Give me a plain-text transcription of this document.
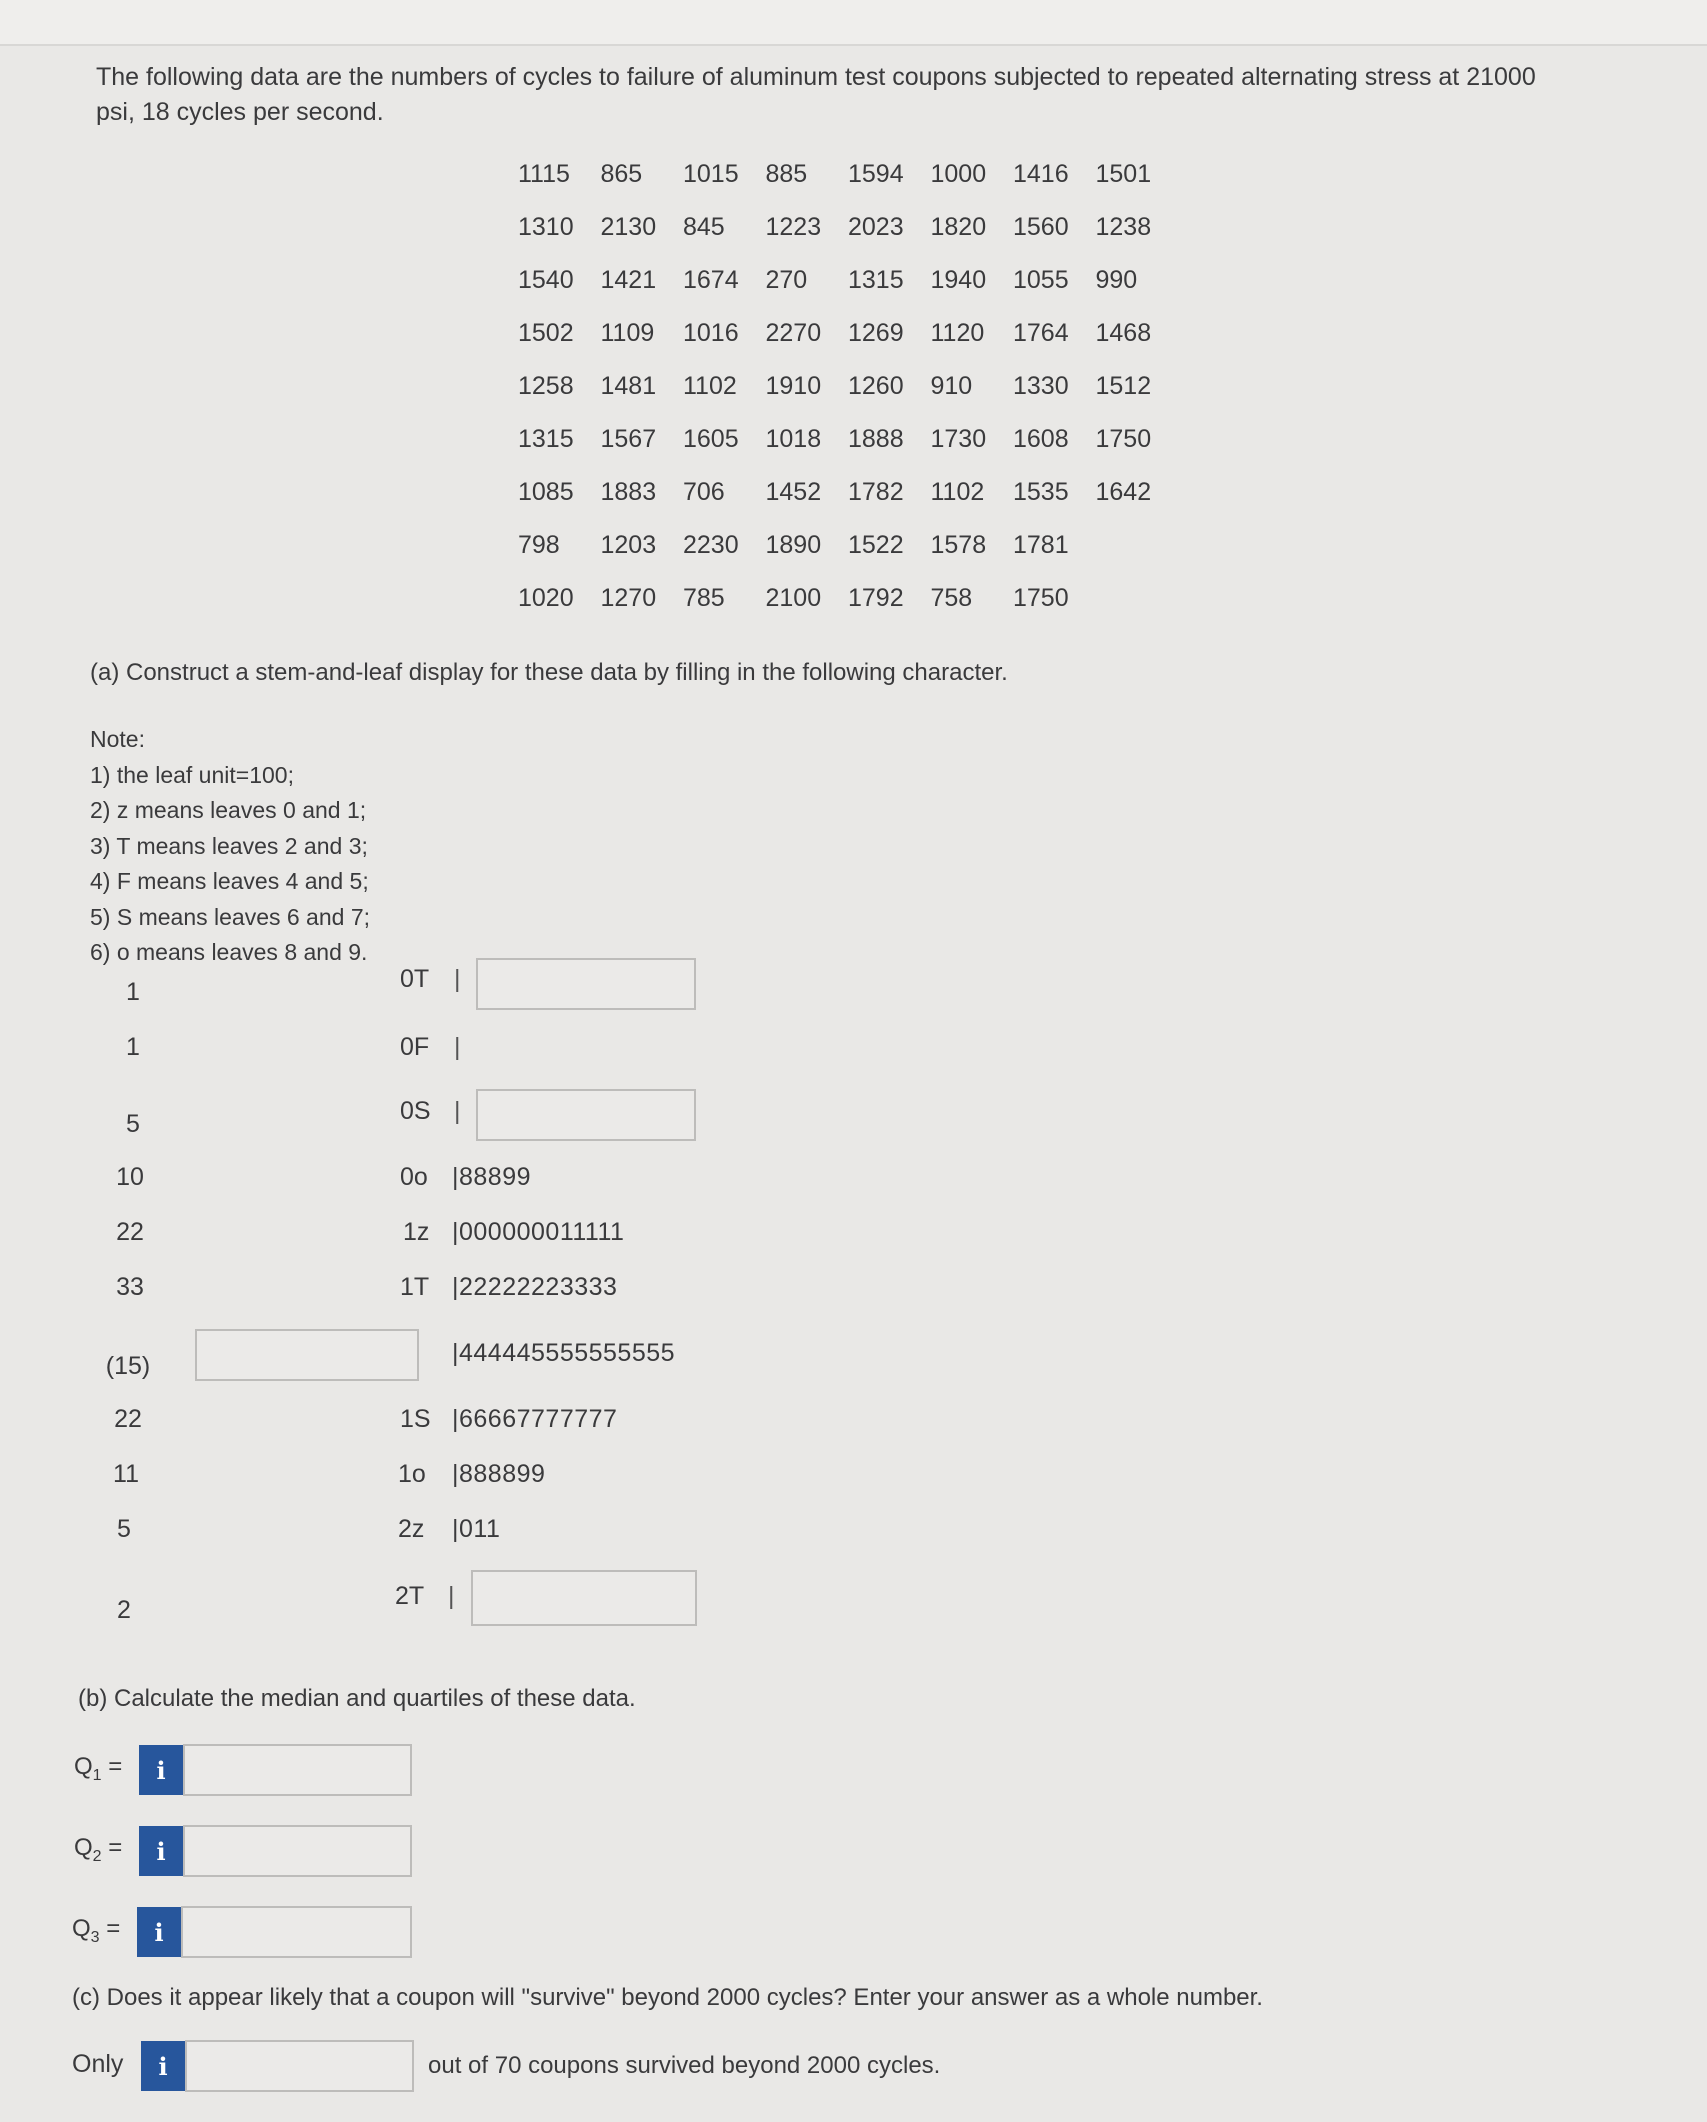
The following data are the numbers of cycles to failure of aluminum test coupons subjected to repeated alternating stress at 21000 psi, 18 cycles per second.
1115	865	1015	885	1594	1000	1416	1501
1310	2130	845	1223	2023	1820	1560	1238
1540	1421	1674	270	1315	1940	1055	990
1502	1109	1016	2270	1269	1120	1764	1468
1258	1481	1102	1910	1260	910	1330	1512
1315	1567	1605	1018	1888	1730	1608	1750
1085	1883	706	1452	1782	1102	1535	1642
798	1203	2230	1890	1522	1578	1781	
1020	1270	785	2100	1792	758	1750	
(a) Construct a stem-and-leaf display for these data by filling in the following character.
Note:
1) the leaf unit=100;
2) z means leaves 0 and 1;
3) T means leaves 2 and 3;
4) F means leaves 4 and 5;
5) S means leaves 6 and 7;
6) o means leaves 8 and 9.
1	0T |
1	0F |
5	0S |
10	0o |88899
22	1z |000000011111
33	1T |22222223333
(15)	|444445555555555
22	1S |66667777777
11	1o |888899
5	2z |011
2	2T |
(b) Calculate the median and quartiles of these data.
$Q_1 = i$
$Q_2 = i$
$Q_3 = i$
(c) Does it appear likely that a coupon will "survive" beyond 2000 cycles? Enter your answer as a whole number.
Only i	out of 70 coupons survived beyond 2000 cycles.
